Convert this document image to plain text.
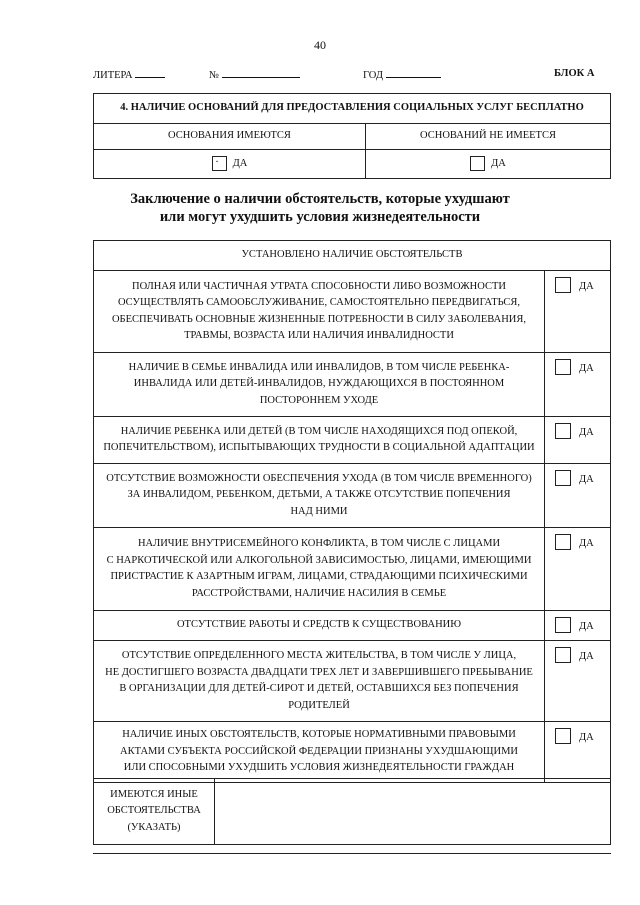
40
ЛИТЕРА	№	ГОД	БЛОК А
4. НАЛИЧИЕ ОСНОВАНИЙ ДЛЯ ПРЕДОСТАВЛЕНИЯ СОЦИАЛЬНЫХ УСЛУГ БЕСПЛАТНО	
ОСНОВАНИЯ ИМЕЮТСЯ	ОСНОВАНИЙ НЕ ИМЕЕТСЯ
.ДА	ДА
Заключение о наличии обстоятельств, которые ухудшают
или могут ухудшить условия жизнедеятельности
УСТАНОВЛЕНО НАЛИЧИЕ ОБСТОЯТЕЛЬСТВ	

ПОЛНАЯ ИЛИ ЧАСТИЧНАЯ УТРАТА СПОСОБНОСТИ ЛИБО ВОЗМОЖНОСТИ
ОСУЩЕСТВЛЯТЬ САМООБСЛУЖИВАНИЕ, САМОСТОЯТЕЛЬНО ПЕРЕДВИГАТЬСЯ,
ОБЕСПЕЧИВАТЬ ОСНОВНЫЕ ЖИЗНЕННЫЕ ПОТРЕБНОСТИ В СИЛУ ЗАБОЛЕВАНИЯ,
ТРАВМЫ, ВОЗРАСТА ИЛИ НАЛИЧИЯ ИНВАЛИДНОСТИ	ДА

НАЛИЧИЕ В СЕМЬЕ ИНВАЛИДА ИЛИ ИНВАЛИДОВ, В ТОМ ЧИСЛЕ РЕБЕНКА-
ИНВАЛИДА ИЛИ ДЕТЕЙ-ИНВАЛИДОВ, НУЖДАЮЩИХСЯ В ПОСТОЯННОМ
ПОСТОРОННЕМ УХОДЕ	ДА

НАЛИЧИЕ РЕБЕНКА ИЛИ ДЕТЕЙ (В ТОМ ЧИСЛЕ НАХОДЯЩИХСЯ ПОД ОПЕКОЙ,
ПОПЕЧИТЕЛЬСТВОМ), ИСПЫТЫВАЮЩИХ ТРУДНОСТИ В СОЦИАЛЬНОЙ АДАПТАЦИИ	ДА

ОТСУТСТВИЕ ВОЗМОЖНОСТИ ОБЕСПЕЧЕНИЯ УХОДА (В ТОМ ЧИСЛЕ ВРЕМЕННОГО)
ЗА ИНВАЛИДОМ, РЕБЕНКОМ, ДЕТЬМИ, А ТАКЖЕ ОТСУТСТВИЕ ПОПЕЧЕНИЯ
НАД НИМИ	ДА

НАЛИЧИЕ ВНУТРИСЕМЕЙНОГО КОНФЛИКТА, В ТОМ ЧИСЛЕ С ЛИЦАМИ
С НАРКОТИЧЕСКОЙ ИЛИ АЛКОГОЛЬНОЙ ЗАВИСИМОСТЬЮ, ЛИЦАМИ, ИМЕЮЩИМИ
ПРИСТРАСТИЕ К АЗАРТНЫМ ИГРАМ, ЛИЦАМИ, СТРАДАЮЩИМИ ПСИХИЧЕСКИМИ
РАССТРОЙСТВАМИ, НАЛИЧИЕ НАСИЛИЯ В СЕМЬЕ	ДА

ОТСУТСТВИЕ РАБОТЫ И СРЕДСТВ К СУЩЕСТВОВАНИЮ	ДА

ОТСУТСТВИЕ ОПРЕДЕЛЕННОГО МЕСТА ЖИТЕЛЬСТВА, В ТОМ ЧИСЛЕ У ЛИЦА,
НЕ ДОСТИГШЕГО ВОЗРАСТА ДВАДЦАТИ ТРЕХ ЛЕТ И ЗАВЕРШИВШЕГО ПРЕБЫВАНИЕ
В ОРГАНИЗАЦИИ ДЛЯ ДЕТЕЙ-СИРОТ И ДЕТЕЙ, ОСТАВШИХСЯ БЕЗ ПОПЕЧЕНИЯ
РОДИТЕЛЕЙ	ДА

НАЛИЧИЕ ИНЫХ ОБСТОЯТЕЛЬСТВ, КОТОРЫЕ НОРМАТИВНЫМИ ПРАВОВЫМИ
АКТАМИ СУБЪЕКТА РОССИЙСКОЙ ФЕДЕРАЦИИ ПРИЗНАНЫ УХУДШАЮЩИМИ
ИЛИ СПОСОБНЫМИ УХУДШИТЬ УСЛОВИЯ ЖИЗНЕДЕЯТЕЛЬНОСТИ ГРАЖДАН	ДА
ИМЕЮТСЯ ИНЫЕ
ОБСТОЯТЕЛЬСТВА
(УКАЗАТЬ)
